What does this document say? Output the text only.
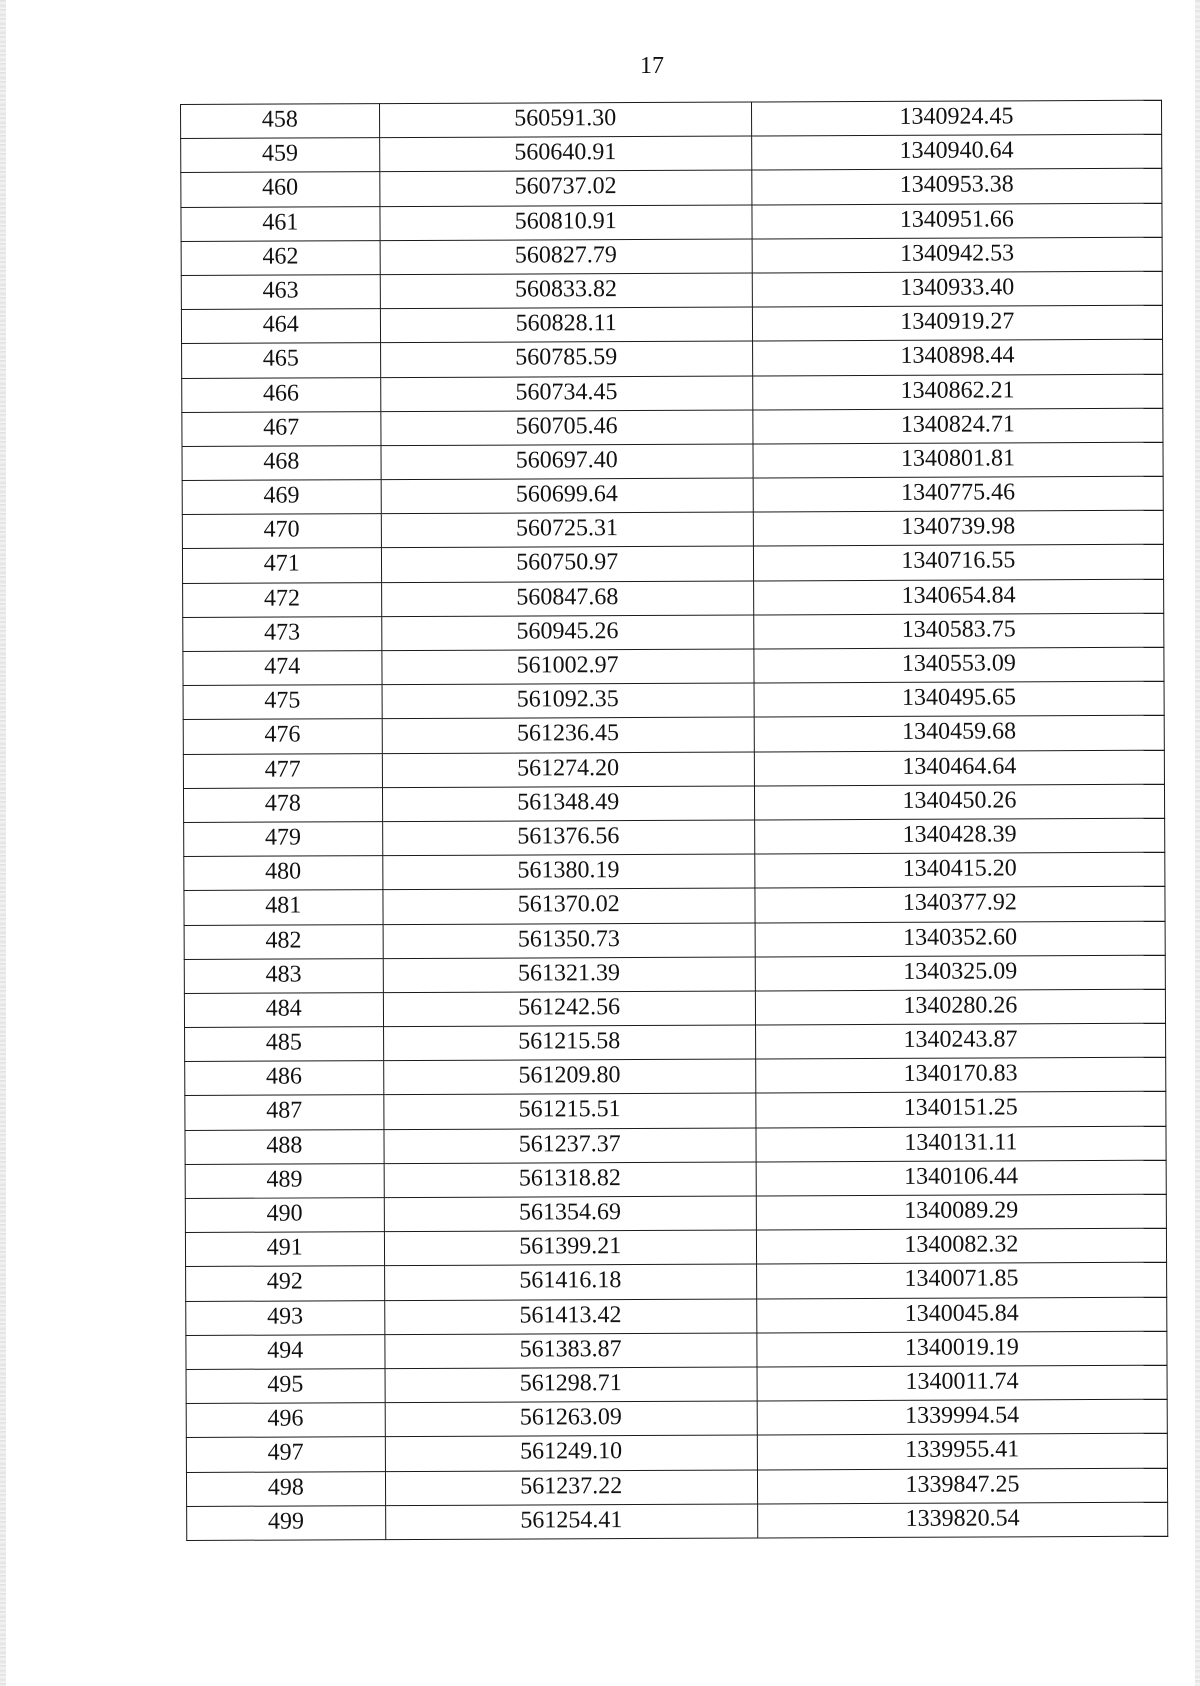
17
458	560591.30	1340924.45

459	560640.91	1340940.64

460	560737.02	1340953.38

461	560810.91	1340951.66

462	560827.79	1340942.53

463	560833.82	1340933.40

464	560828.11	1340919.27

465	560785.59	1340898.44

466	560734.45	1340862.21

467	560705.46	1340824.71

468	560697.40	1340801.81

469	560699.64	1340775.46

470	560725.31	1340739.98

471	560750.97	1340716.55

472	560847.68	1340654.84

473	560945.26	1340583.75

474	561002.97	1340553.09

475	561092.35	1340495.65

476	561236.45	1340459.68

477	561274.20	1340464.64

478	561348.49	1340450.26

479	561376.56	1340428.39

480	561380.19	1340415.20

481	561370.02	1340377.92

482	561350.73	1340352.60

483	561321.39	1340325.09

484	561242.56	1340280.26

485	561215.58	1340243.87

486	561209.80	1340170.83

487	561215.51	1340151.25

488	561237.37	1340131.11

489	561318.82	1340106.44

490	561354.69	1340089.29

491	561399.21	1340082.32

492	561416.18	1340071.85

493	561413.42	1340045.84

494	561383.87	1340019.19

495	561298.71	1340011.74

496	561263.09	1339994.54

497	561249.10	1339955.41

498	561237.22	1339847.25

499	561254.41	1339820.54
